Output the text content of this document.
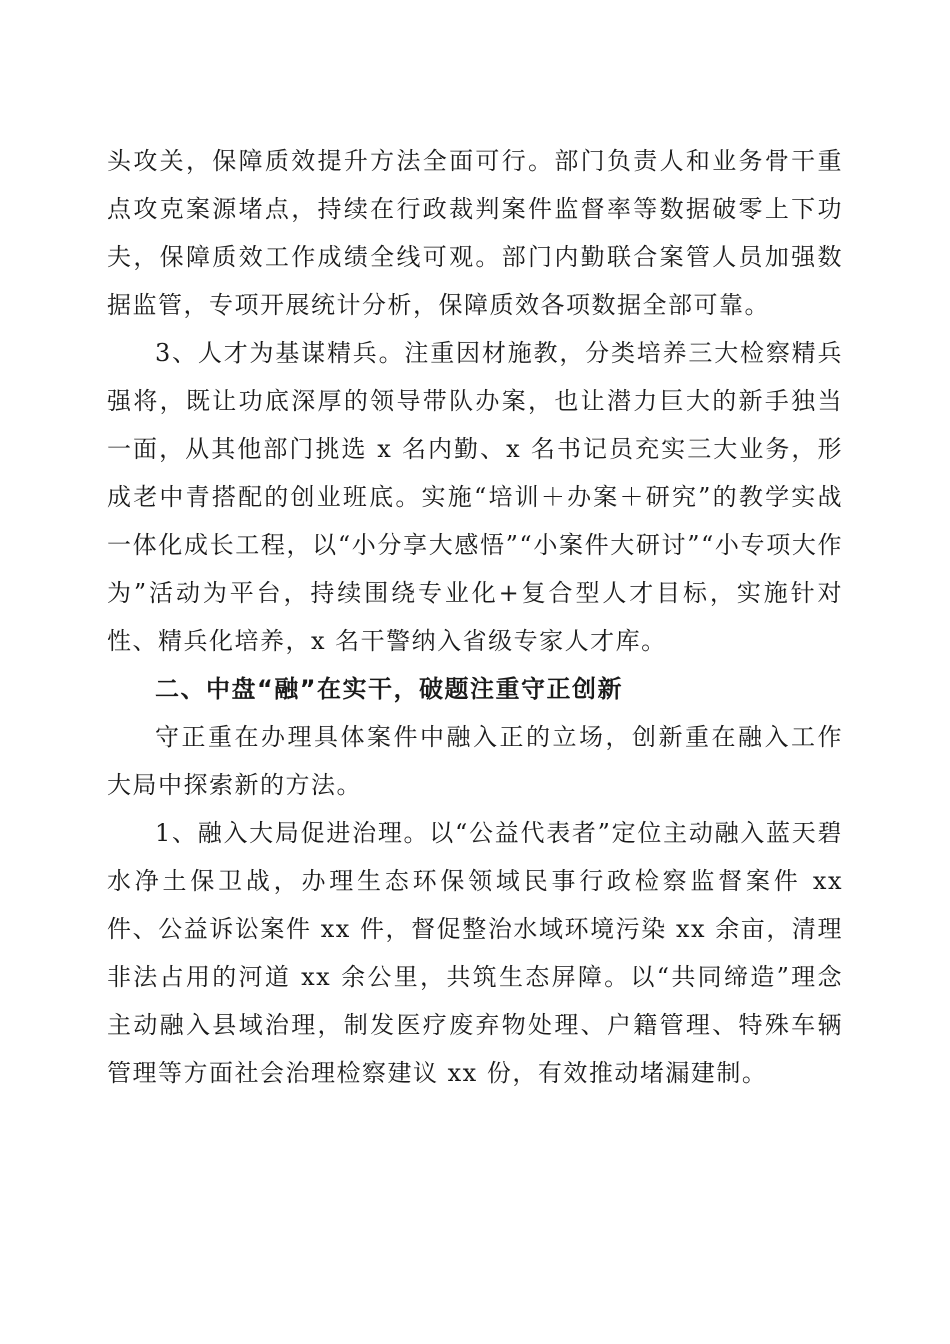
头攻关，保障质效提升方法全面可行。部门负责人和业务骨干重点攻克案源堵点，持续在行政裁判案件监督率等数据破零上下功夫，保障质效工作成绩全线可观。部门内勤联合案管人员加强数据监管，专项开展统计分析，保障质效各项数据全部可靠。

3、人才为基谋精兵。注重因材施教，分类培养三大检察精兵强将，既让功底深厚的领导带队办案，也让潜力巨大的新手独当一面，从其他部门挑选 x 名内勤、x 名书记员充实三大业务，形成老中青搭配的创业班底。实施“培训＋办案＋研究”的教学实战一体化成长工程，以“小分享大感悟”“小案件大研讨”“小专项大作为”活动为平台，持续围绕专业化+复合型人才目标，实施针对性、精兵化培养，x 名干警纳入省级专家人才库。

二、中盘“融”在实干，破题注重守正创新

守正重在办理具体案件中融入正的立场，创新重在融入工作大局中探索新的方法。

1、融入大局促进治理。以“公益代表者”定位主动融入蓝天碧水净土保卫战，办理生态环保领域民事行政检察监督案件 xx 件、公益诉讼案件 xx 件，督促整治水域环境污染 xx 余亩，清理非法占用的河道 xx 余公里，共筑生态屏障。以“共同缔造”理念主动融入县域治理，制发医疗废弃物处理、户籍管理、特殊车辆管理等方面社会治理检察建议 xx 份，有效推动堵漏建制。
